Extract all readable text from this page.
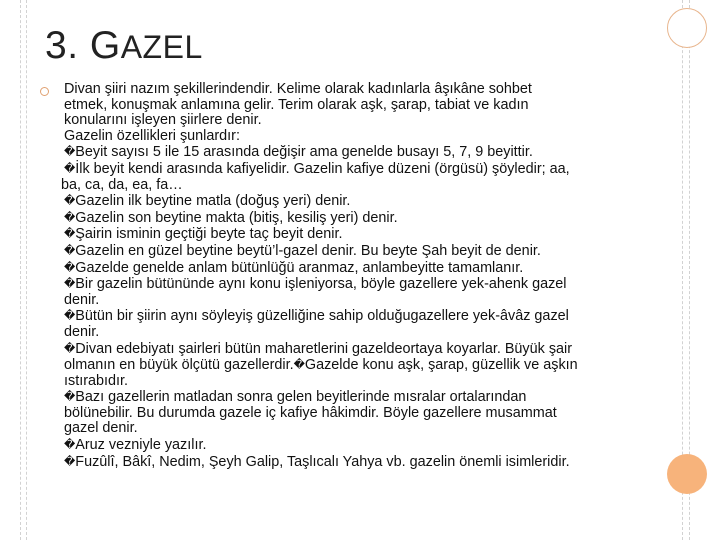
3. GAZEL
Divan şiiri nazım şekillerindendir. Kelime olarak kadınlarla âşıkâne sohbet
etmek, konuşmak anlamına gelir. Terim olarak aşk, şarap, tabiat ve kadın
konularını işleyen şiirlere denir.
Gazelin özellikleri şunlardır:
�Beyit sayısı 5 ile 15 arasında değişir ama genelde busayı 5, 7, 9 beyittir.
�İlk beyit kendi arasında kafiyelidir. Gazelin kafiye düzeni (örgüsü) şöyledir; aa,
ba, ca, da, ea, fa…
�Gazelin ilk beytine matla (doğuş yeri) denir.
�Gazelin son beytine makta (bitiş, kesiliş yeri) denir.
�Şairin isminin geçtiği beyte taç beyit denir.
�Gazelin en güzel beytine beytü’l-gazel denir. Bu beyte Şah beyit de denir.
�Gazelde genelde anlam bütünlüğü aranmaz, anlambeyitte tamamlanır.
�Bir gazelin bütününde aynı konu işleniyorsa, böyle gazellere yek-ahenk gazel
denir.
�Bütün bir şiirin aynı söyleyiş güzelliğine sahip olduğugazellere yek-âvâz gazel
denir.
�Divan edebiyatı şairleri bütün maharetlerini gazeldeortaya koyarlar. Büyük şair
olmanın en büyük ölçütü gazellerdir.�Gazelde konu aşk, şarap, güzellik ve aşkın
ıstırabıdır.
�Bazı gazellerin matladan sonra gelen beyitlerinde mısralar ortalarından
bölünebilir. Bu durumda gazele iç kafiye hâkimdir. Böyle gazellere musammat
gazel denir.
�Aruz vezniyle yazılır.
�Fuzûlî, Bâkî, Nedim, Şeyh Galip, Taşlıcalı Yahya vb. gazelin önemli isimleridir.
